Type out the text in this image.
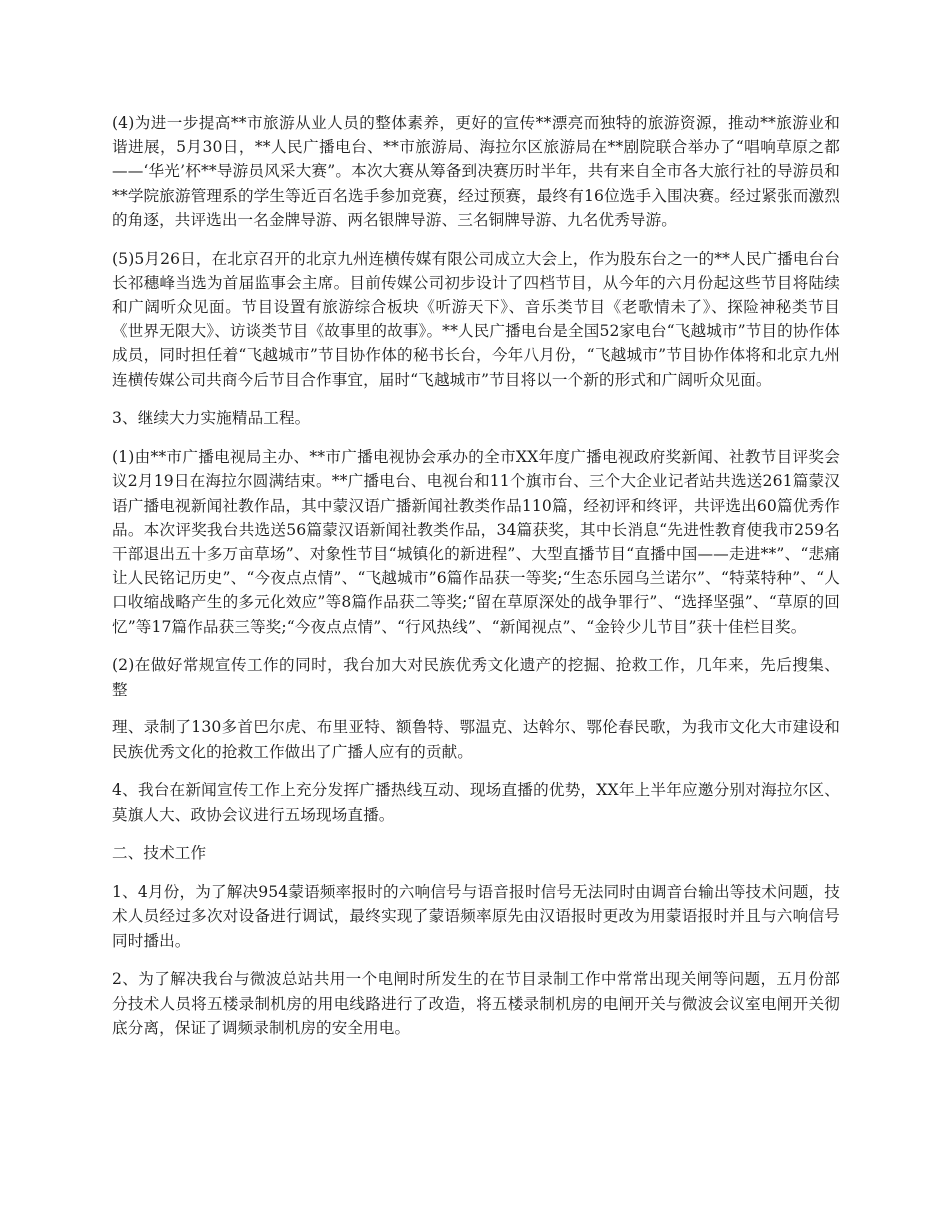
(4)为进一步提高**市旅游从业人员的整体素养，更好的宣传**漂亮而独特的旅游资源，推动**旅游业和谐进展，5月30日，**人民广播电台、**市旅游局、海拉尔区旅游局在**剧院联合举办了“唱响草原之都——‘华光’杯**导游员风采大赛”。本次大赛从筹备到决赛历时半年，共有来自全市各大旅行社的导游员和**学院旅游管理系的学生等近百名选手参加竞赛，经过预赛，最终有16位选手入围决赛。经过紧张而激烈的角逐，共评选出一名金牌导游、两名银牌导游、三名铜牌导游、九名优秀导游。

(5)5月26日，在北京召开的北京九州连横传媒有限公司成立大会上，作为股东台之一的**人民广播电台台长祁穗峰当选为首届监事会主席。目前传媒公司初步设计了四档节目，从今年的六月份起这些节目将陆续和广阔听众见面。节目设置有旅游综合板块《听游天下》、音乐类节目《老歌情未了》、探险神秘类节目《世界无限大》、访谈类节目《故事里的故事》。**人民广播电台是全国52家电台“飞越城市”节目的协作体成员，同时担任着“飞越城市”节目协作体的秘书长台，今年八月份，“飞越城市”节目协作体将和北京九州连横传媒公司共商今后节目合作事宜，届时“飞越城市”节目将以一个新的形式和广阔听众见面。

3、继续大力实施精品工程。

(1)由**市广播电视局主办、**市广播电视协会承办的全市XX年度广播电视政府奖新闻、社教节目评奖会议2月19日在海拉尔圆满结束。**广播电台、电视台和11个旗市台、三个大企业记者站共选送261篇蒙汉语广播电视新闻社教作品，其中蒙汉语广播新闻社教类作品110篇，经初评和终评，共评选出60篇优秀作品。本次评奖我台共选送56篇蒙汉语新闻社教类作品，34篇获奖，其中长消息“先进性教育使我市259名干部退出五十多万亩草场”、对象性节目“城镇化的新进程”、大型直播节目“直播中国——走进**”、“悲痛让人民铭记历史”、“今夜点点情”、“飞越城市”6篇作品获一等奖;“生态乐园乌兰诺尔”、“特菜特种”、“人口收缩战略产生的多元化效应”等8篇作品获二等奖;“留在草原深处的战争罪行”、“选择坚强”、“草原的回忆”等17篇作品获三等奖;“今夜点点情”、“行风热线”、“新闻视点”、“金铃少儿节目”获十佳栏目奖。

(2)在做好常规宣传工作的同时，我台加大对民族优秀文化遗产的挖掘、抢救工作，几年来，先后搜集、整

理、录制了130多首巴尔虎、布里亚特、额鲁特、鄂温克、达斡尔、鄂伦春民歌，为我市文化大市建设和民族优秀文化的抢救工作做出了广播人应有的贡献。

4、我台在新闻宣传工作上充分发挥广播热线互动、现场直播的优势，XX年上半年应邀分别对海拉尔区、莫旗人大、政协会议进行五场现场直播。

二、技术工作

1、4月份，为了解决954蒙语频率报时的六响信号与语音报时信号无法同时由调音台输出等技术问题，技术人员经过多次对设备进行调试，最终实现了蒙语频率原先由汉语报时更改为用蒙语报时并且与六响信号同时播出。

2、为了解决我台与微波总站共用一个电闸时所发生的在节目录制工作中常常出现关闸等问题，五月份部分技术人员将五楼录制机房的用电线路进行了改造，将五楼录制机房的电闸开关与微波会议室电闸开关彻底分离，保证了调频录制机房的安全用电。
